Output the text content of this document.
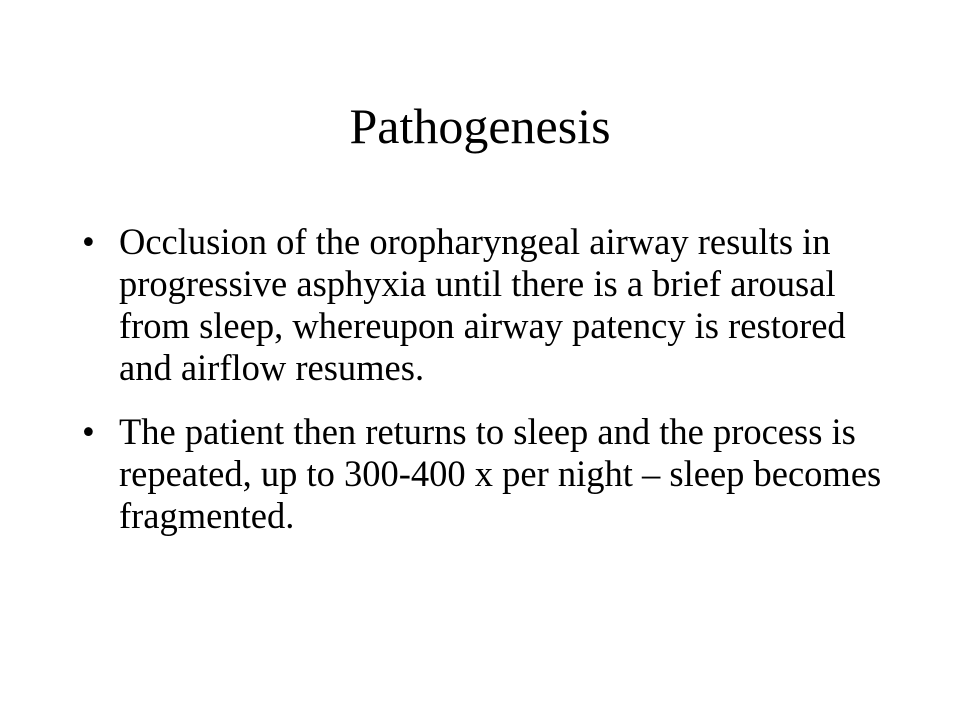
Pathogenesis
• Occlusion of the oropharyngeal airway results in progressive asphyxia until there is a brief arousal from sleep, whereupon airway patency is restored and airflow resumes.
• The patient then returns to sleep and the process is repeated, up to 300-400 x per night – sleep becomes fragmented.
